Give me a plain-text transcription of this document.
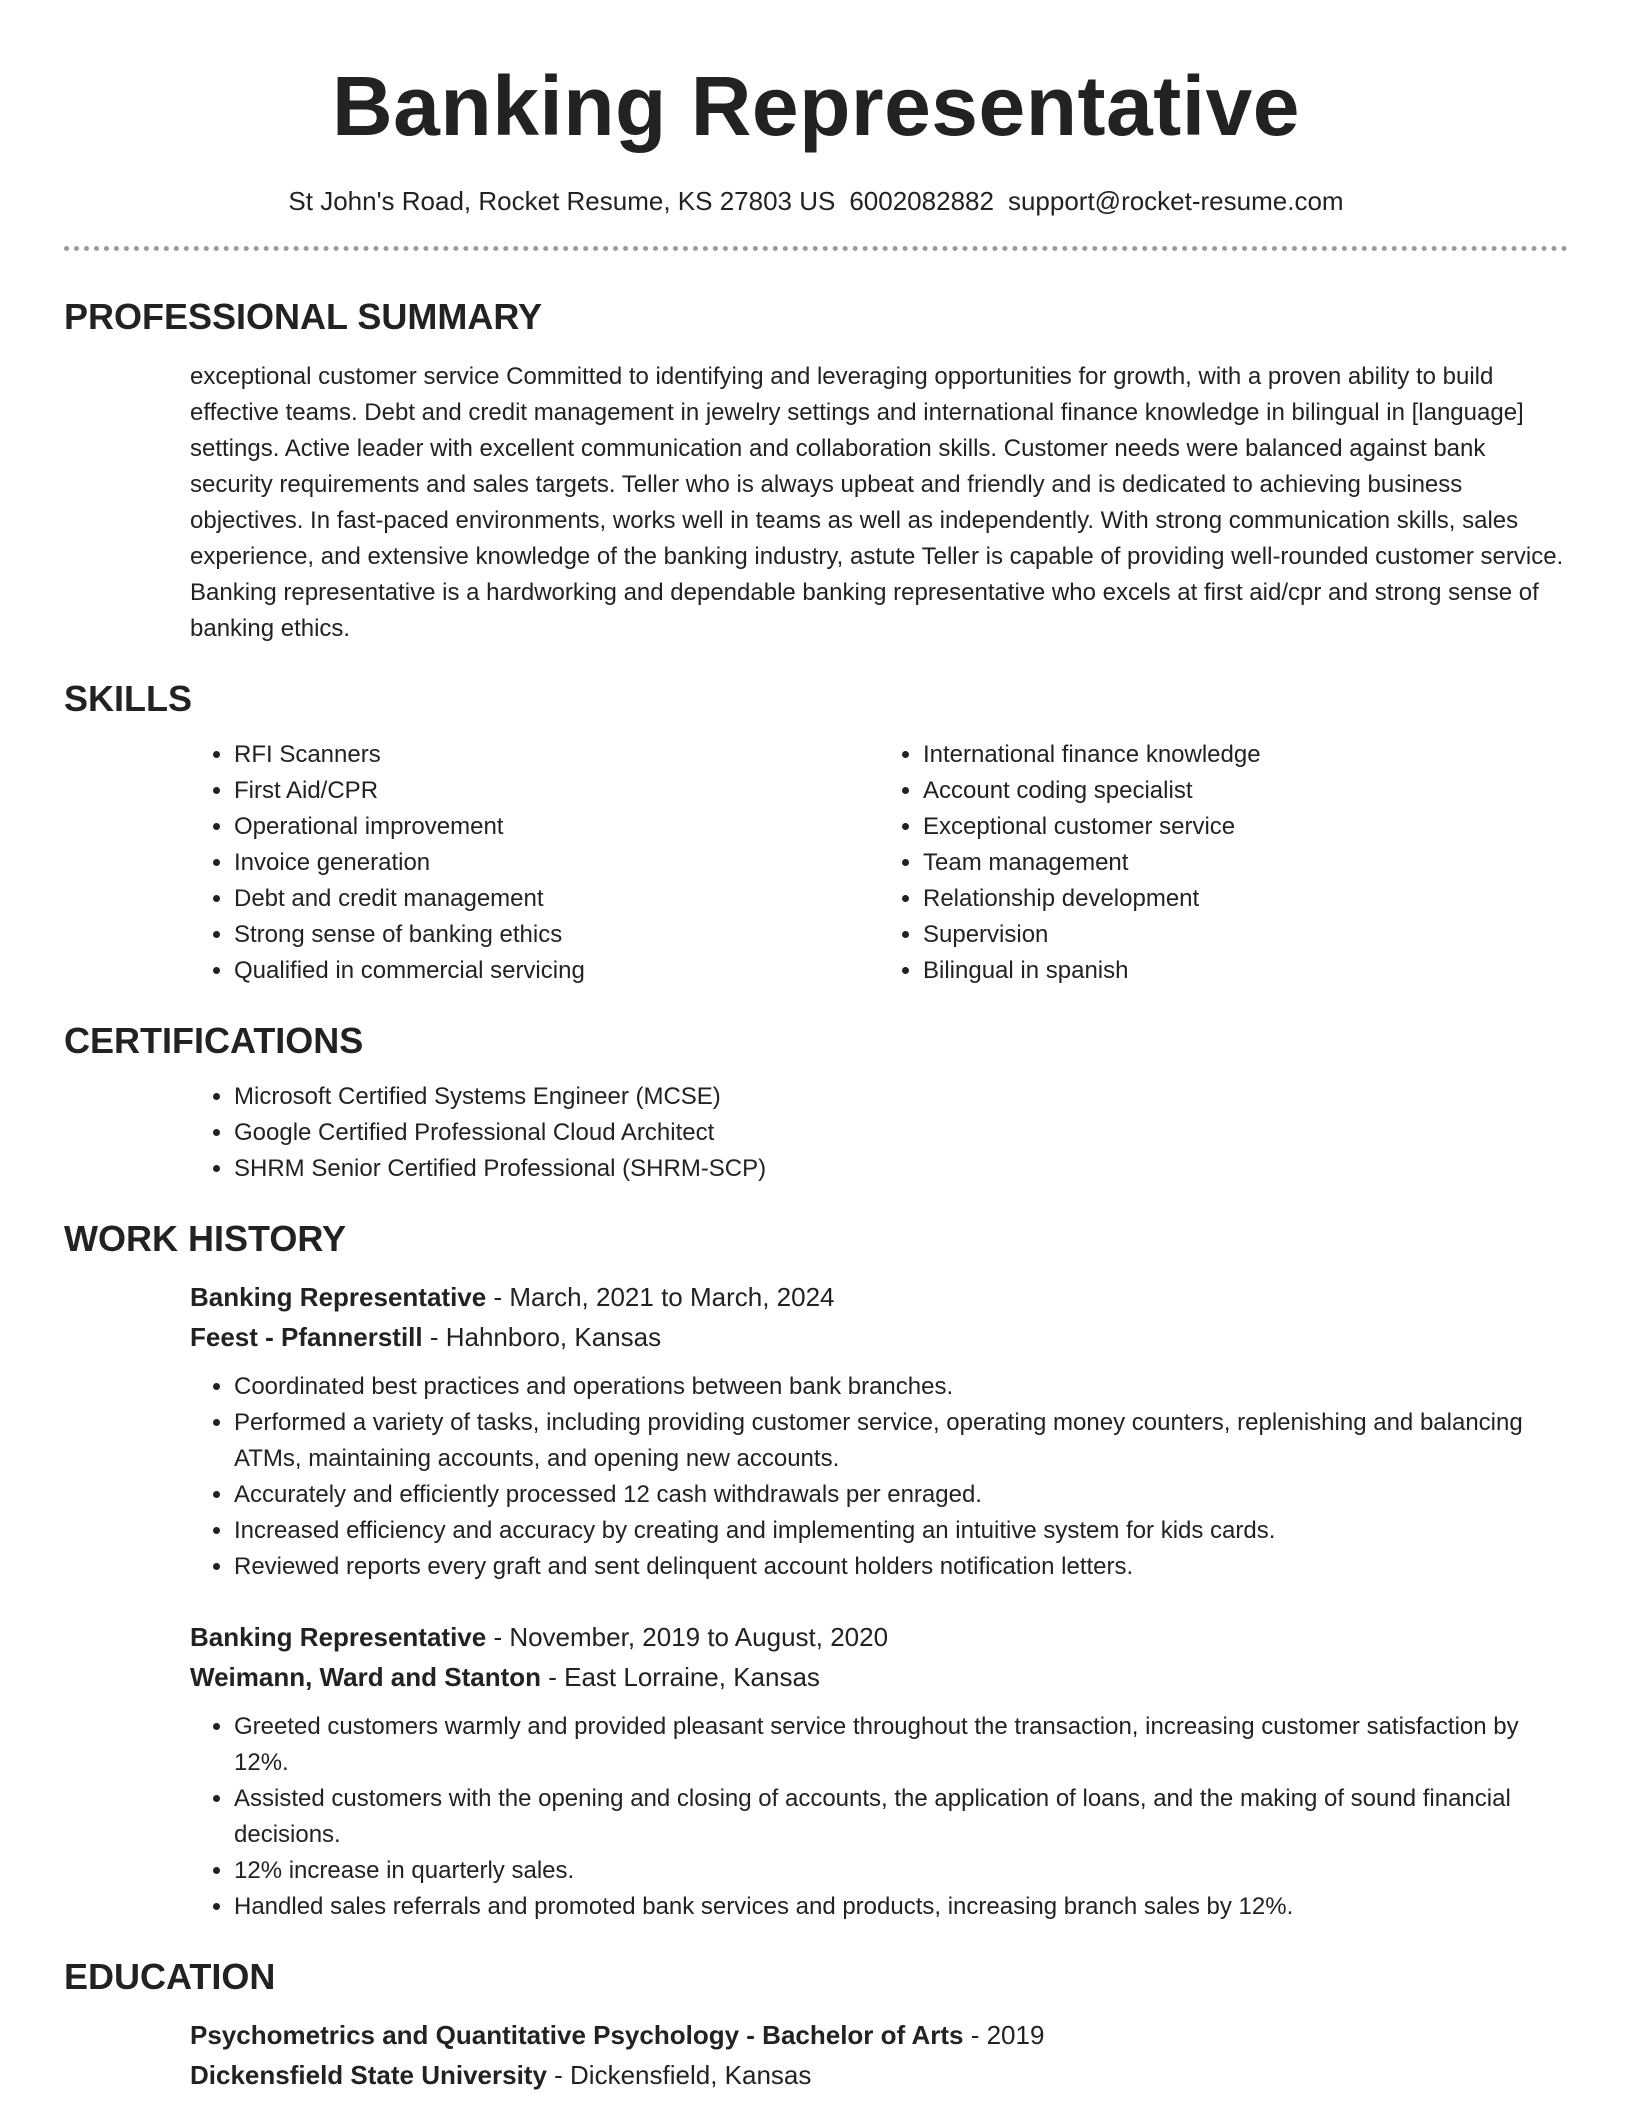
Banking Representative
St John's Road, Rocket Resume, KS 27803 US 6002082882 support@rocket-resume.com
PROFESSIONAL SUMMARY

exceptional customer service Committed to identifying and leveraging opportunities for growth, with a proven ability to build effective teams. Debt and credit management in jewelry settings and international finance knowledge in bilingual in [language] settings. Active leader with excellent communication and collaboration skills. Customer needs were balanced against bank security requirements and sales targets. Teller who is always upbeat and friendly and is dedicated to achieving business objectives. In fast-paced environments, works well in teams as well as independently. With strong communication skills, sales experience, and extensive knowledge of the banking industry, astute Teller is capable of providing well-rounded customer service. Banking representative is a hardworking and dependable banking representative who excels at first aid/cpr and strong sense of banking ethics.

SKILLS
• RFI Scanners
• First Aid/CPR
• Operational improvement
• Invoice generation
• Debt and credit management
• Strong sense of banking ethics
• Qualified in commercial servicing
• International finance knowledge
• Account coding specialist
• Exceptional customer service
• Team management
• Relationship development
• Supervision
• Bilingual in spanish
CERTIFICATIONS
• Microsoft Certified Systems Engineer (MCSE)
• Google Certified Professional Cloud Architect
• SHRM Senior Certified Professional (SHRM-SCP)
WORK HISTORY
Banking Representative - March, 2021 to March, 2024
Feest - Pfannerstill - Hahnboro, Kansas
• Coordinated best practices and operations between bank branches.
• Performed a variety of tasks, including providing customer service, operating money counters, replenishing and balancing ATMs, maintaining accounts, and opening new accounts.
• Accurately and efficiently processed 12 cash withdrawals per enraged.
• Increased efficiency and accuracy by creating and implementing an intuitive system for kids cards.
• Reviewed reports every graft and sent delinquent account holders notification letters.
Banking Representative - November, 2019 to August, 2020
Weimann, Ward and Stanton - East Lorraine, Kansas
• Greeted customers warmly and provided pleasant service throughout the transaction, increasing customer satisfaction by 12%.
• Assisted customers with the opening and closing of accounts, the application of loans, and the making of sound financial decisions.
• 12% increase in quarterly sales.
• Handled sales referrals and promoted bank services and products, increasing branch sales by 12%.
EDUCATION
Psychometrics and Quantitative Psychology - Bachelor of Arts - 2019
Dickensfield State University - Dickensfield, Kansas
